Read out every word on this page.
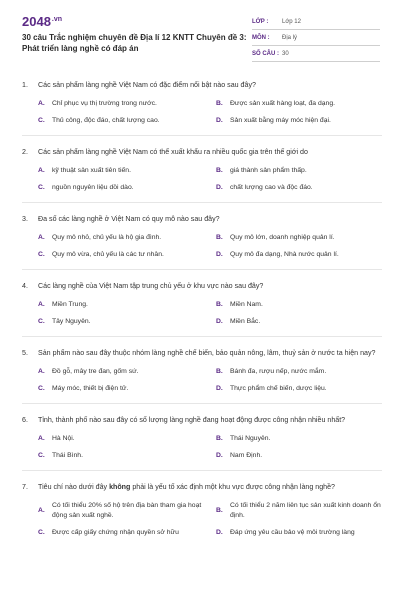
$2048^{.vn}$
30 câu Trắc nghiệm chuyên đề Địa lí 12 KNTT Chuyên đề 3: Phát triển làng nghề có đáp án
LỚP :	Lớp 12
MÔN :	Địa lý
SỐ CÂU : 30
1.	Các sản phẩm làng nghề Việt Nam có đặc điểm nổi bật nào sau đây?
A.	Chỉ phục vụ thị trường trong nước.	B.	Được sản xuất hàng loạt, đa dạng.
C.	Thủ công, độc đáo, chất lượng cao.	D.	Sản xuất bằng máy móc hiện đại.
2.	Các sản phẩm làng nghề Việt Nam có thể xuất khẩu ra nhiều quốc gia trên thế giới do
A.	kỹ thuật sản xuất tiên tiến.	B.	giá thành sản phẩm thấp.
C.	nguồn nguyên liệu dồi dào.	D.	chất lượng cao và độc đáo.
3.	Đa số các làng nghề ở Việt Nam có quy mô nào sau đây?
A.	Quy mô nhỏ, chủ yếu là hộ gia đình.	B.	Quy mô lớn, doanh nghiệp quản lí.
C.	Quy mô vừa, chủ yếu là các tư nhân.	D.	Quy mô đa dạng, Nhà nước quản lí.
4.	Các làng nghề của Việt Nam tập trung chủ yếu ở khu vực nào sau đây?
A.	Miền Trung.	B.	Miền Nam.
C.	Tây Nguyên.	D.	Miền Bắc.
5.	Sản phẩm nào sau đây thuộc nhóm làng nghề chế biến, bảo quản nông, lâm, thuỷ sản ở nước ta hiện nay?
A.	Đồ gỗ, mây tre đan, gốm sứ.	B.	Bánh đa, rượu nếp, nước mắm.
C.	Máy móc, thiết bị điện tử.	D.	Thực phẩm chế biến, dược liệu.
6.	Tỉnh, thành phố nào sau đây có số lượng làng nghề đang hoạt động được công nhận nhiều nhất?
A.	Hà Nội.	B.	Thái Nguyên.
C.	Thái Bình.	D.	Nam Định.
7.	Tiêu chí nào dưới đây không phải là yếu tố xác định một khu vực được công nhận làng nghề?
A.
Có tối thiểu 20% số hộ trên địa bàn tham gia hoạt động sản xuất nghề.
B.
Có tối thiểu 2 năm liên tục sản xuất kinh doanh ổn định.
C.	Được cấp giấy chứng nhận quyền sở hữu	D.	Đáp ứng yêu cầu bảo vệ môi trường làng
